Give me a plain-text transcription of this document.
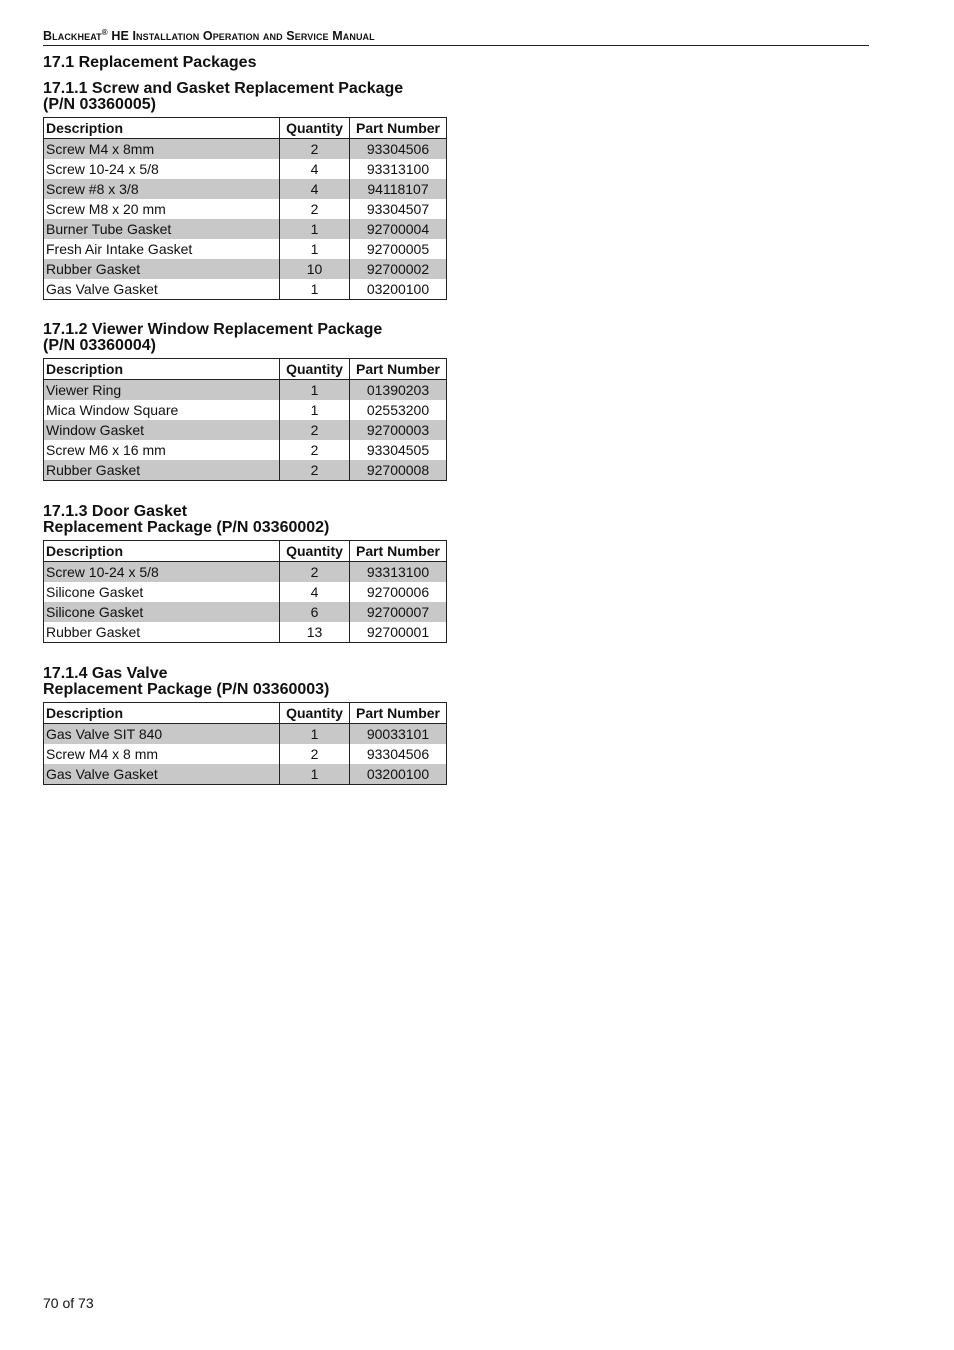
Blackheat® HE Installation Operation and Service Manual
17.1 Replacement Packages
17.1.1 Screw and Gasket Replacement Package
(P/N 03360005)
Description	Quantity	Part Number
Screw M4 x 8mm	2	93304506
Screw 10-24 x 5/8	4	93313100
Screw #8 x 3/8	4	94118107
Screw M8 x 20 mm	2	93304507
Burner Tube Gasket	1	92700004
Fresh Air Intake Gasket	1	92700005
Rubber Gasket	10	92700002
Gas Valve Gasket	1	03200100
17.1.2 Viewer Window Replacement Package
(P/N 03360004)
Description	Quantity	Part Number
Viewer Ring	1	01390203
Mica Window Square	1	02553200
Window Gasket	2	92700003
Screw M6 x 16 mm	2	93304505
Rubber Gasket	2	92700008
17.1.3 Door Gasket
Replacement Package (P/N 03360002)
Description	Quantity	Part Number
Screw 10-24 x 5/8	2	93313100
Silicone Gasket	4	92700006
Silicone Gasket	6	92700007
Rubber Gasket	13	92700001
17.1.4 Gas Valve
Replacement Package (P/N 03360003)
Description	Quantity	Part Number
Gas Valve SIT 840	1	90033101
Screw M4 x 8 mm	2	93304506
Gas Valve Gasket	1	03200100
70 of 73
